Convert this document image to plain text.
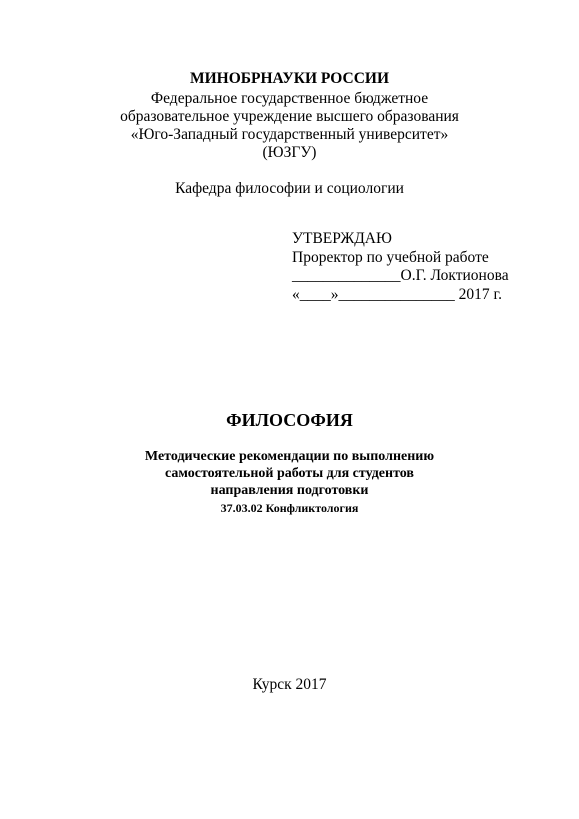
МИНОБРНАУКИ РОССИИ
Федеральное государственное бюджетное
образовательное учреждение высшего образования
«Юго-Западный государственный университет»
(ЮЗГУ)
Кафедра философии и социологии
УТВЕРЖДАЮ
Проректор по учебной работе
______________О.Г. Локтионова
«____»_______________ 2017 г.
ФИЛОСОФИЯ
Методические рекомендации по выполнению
самостоятельной работы для студентов
направления подготовки
37.03.02 Конфликтология
Курск 2017
